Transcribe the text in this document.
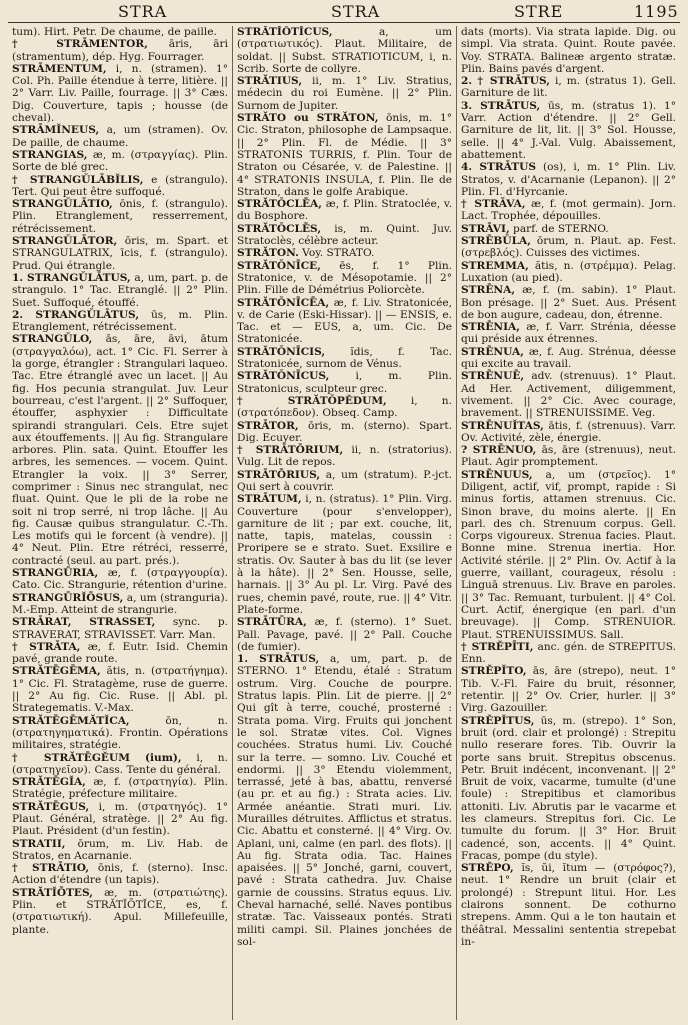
STRA	STRA	STRE	1195

tum). Hirt. Petr. De chaume, de paille.

† STRĀMENTOR, āris, āri (stramentum), dép. Hyg. Fourrager.

STRĀMENTUM, i, n. (stramen). 1° Col. Ph. Paille étendue à terre, litière. || 2° Varr. Liv. Paille, fourrage. || 3° Cæs. Dig. Couverture, tapis ; housse (de cheval).

STRĀMĬNEUS, a, um (stramen). Ov. De paille, de chaume.

STRANGIAS, æ, m. (στραγγίας). Plin. Sorte de blé grec.

† STRANGŬLĀBĬLIS, e (strangulo). Tert. Qui peut être suffoqué.

STRANGŬLĀTIO, ōnis, f. (strangulo). Plin. Etranglement, resserrement, rétrécissement.

STRANGŬLĀTOR, ōris, m. Spart. et STRANGULATRIX, īcis, f. (strangulo). Prud. Qui étrangle.

1. STRANGŬLĀTUS, a, um, part. p. de strangulo. 1° Tac. Etranglé. || 2° Plin. Suet. Suffoqué, étouffé.

2. STRANGŬLĀTUS, ūs, m. Plin. Etranglement, rétrécissement.

STRANGŬLO, ās, āre, āvi, ātum (στραγγαλόω), act. 1° Cic. Fl. Serrer à la gorge, étrangler : Strangulari laqueo. Tac. Etre étranglé avec un lacet. || Au fig. Hos pecunia strangulat. Juv. Leur bourreau, c'est l'argent. || 2° Suffoquer, étouffer, asphyxier : Difficultate spirandi strangulari. Cels. Etre sujet aux étouffements. || Au fig. Strangulare arbores. Plin. sata. Quint. Etouffer les arbres, les semences. — vocem. Quint. Etrangler la voix. || 3° Serrer, comprimer : Sinus nec strangulat, nec fluat. Quint. Que le pli de la robe ne soit ni trop serré, ni trop lâche. || Au fig. Causæ quibus strangulatur. C.-Th. Les motifs qui le forcent (à vendre). || 4° Neut. Plin. Etre rétréci, resserré, contracté (seul. au part. prés.).

STRANGŪRIA, æ, f. (στραγγουρία). Cato. Cic. Strangurie, rétention d'urine.

STRANGŪRĬŌSUS, a, um (stranguria). M.-Emp. Atteint de strangurie.

STRĀRAT, STRASSET, sync. p. STRAVERAT, STRAVISSET. Varr. Man.

† STRĀTA, æ, f. Eutr. Isid. Chemin pavé, grande route.

STRĂTĒGĒMA, ătis, n. (στρατήγημα). 1° Cic. Fl. Stratagème, ruse de guerre. || 2° Au fig. Cic. Ruse. || Abl. pl. Strategematis. V.-Max.

STRĂTĒGĒMĂTĬCA,	ōn, n. (στρατηγηματικά). Frontin. Opérations militaires, stratégie.

† STRĂTĒGĔUM (ium), i, n. (στρατηγεῖον). Cass. Tente du général.

STRĂTĒGĬA, æ, f. (στρατηγία). Plin. Stratégie, préfecture militaire.

STRĂTĒGUS, i, m. (στρατηγός). 1° Plaut. Général, stratège. || 2° Au fig. Plaut. Président (d'un festin).

STRATII, ōrum, m. Liv. Hab. de Stratos, en Acarnanie.

† STRĀTIO, ōnis, f. (sterno). Insc. Action d'étendre (un tapis).

STRĂTĬŌTES, æ, m. (στρατιώτης). Plin. et STRĂTĬŌTĬCE, es, f. (στρατιωτική). Apul. Millefeuille, plante.

STRĂTĬŌTĬCUS,	a, um (στρατιωτικός). Plaut. Militaire, de soldat. || Subst. STRATIOTICUM, i, n. Scrib. Sorte de collyre.

STRĂTIUS, ii, m. 1° Liv. Stratius, médecin du roi Eumène. || 2° Plin. Surnom de Jupiter.

STRĂTO ou STRĂTON, ōnis, m. 1° Cic. Straton, philosophe de Lampsaque. || 2° Plin. Fl. de Médie. || 3° STRATONIS TURRIS, f. Plin. Tour de Straton ou Césarée, v. de Palestine. || 4° STRATONIS INSULA, f. Plin. Ile de Straton, dans le golfe Arabique.

STRĂTŎCLĒA, æ, f. Plin. Stratoclée, v. du Bosphore.

STRĂTŎCLĒS, is, m. Quint. Juv. Stratoclès, célèbre acteur.

STRĂTON. Voy. STRATO.

STRĂTŎNĪCE, ēs, f. 1° Plin. Stratonice, v. de Mésopotamie. || 2° Plin. Fille de Démétrius Poliorcète.

STRĂTŎNĪCĒA, æ, f. Liv. Stratonicée, v. de Carie (Eski-Hissar). || — ENSIS, e. Tac. et — EUS, a, um. Cic. De Stratonicée.

STRĂTŎNĪCIS, ĭdis, f. Tac. Stratonicée, surnom de Vénus.

STRĂTŎNĪCUS, i, m. Plin. Stratonicus, sculpteur grec.

† STRĂTŎPĔDUM, i, n. (στρατόπεδον). Obseq. Camp.

STRĀTOR, ōris, m. (sterno). Spart. Dig. Ecuyer.

† STRĀTŌRIUM, ii, n. (stratorius). Vulg. Lit de repos.

STRĀTŌRIUS, a, um (stratum). P.-jct. Qui sert à couvrir.

STRĀTUM, i, n. (stratus). 1° Plin. Virg. Couverture (pour s'envelopper), garniture de lit ; par ext. couche, lit, natte, tapis, matelas, coussin : Proripere se e strato. Suet. Exsilire e stratis. Ov. Sauter à bas du lit (se lever à la hâte). || 2° Sen. Housse, selle, harnais. || 3° Au pl. Lr. Virg. Pavé des rues, chemin pavé, route, rue. || 4° Vitr. Plate-forme.

STRĀTŪRA, æ, f. (sterno). 1° Suet. Pall. Pavage, pavé. || 2° Pall. Couche (de fumier).

1. STRĀTUS, a, um, part. p. de STERNO. 1° Etendu, étalé : Stratum ostrum. Virg. Couche de pourpre. Stratus lapis. Plin. Lit de pierre. || 2° Qui gît à terre, couché, prosterné : Strata poma. Virg. Fruits qui jonchent le sol. Stratæ vites. Col. Vignes couchées. Stratus humi. Liv. Couché sur la terre. — somno. Liv. Couché et endormi. || 3° Etendu violemment, terrassé, jeté à bas, abattu, renversé (au pr. et au fig.) : Strata acies. Liv. Armée anéantie. Strati muri. Liv. Murailles détruites. Afflictus et stratus. Cic. Abattu et consterné. || 4° Virg. Ov. Aplani, uni, calme (en parl. des flots). || Au fig. Strata odia. Tac. Haines apaisées. || 5° Jonché, garni, couvert, pavé : Strata cathedra. Juv. Chaise garnie de coussins. Stratus equus. Liv. Cheval harnaché, sellé. Naves pontibus stratæ. Tac. Vaisseaux pontés. Strati militi campi. Sil. Plaines jonchées de sol-

dats (morts). Via strata lapide. Dig. ou simpl. Via strata. Quint. Route pavée. Voy. STRATA. Balineæ argento stratæ. Plin. Bains pavés d'argent.

2. † STRĀTUS, i, m. (stratus 1). Gell. Garniture de lit.

3. STRĀTUS, ūs, m. (stratus 1). 1° Varr. Action d'étendre. || 2° Gell. Garniture de lit, lit. || 3° Sol. Housse, selle. || 4° J.-Val. Vulg. Abaissement, abattement.

4. STRĀTUS (os), i, m. 1° Plin. Liv. Stratos, v. d'Acarnanie (Lepanon). || 2° Plin. Fl. d'Hyrcanie.

† STRĀVA, æ, f. (mot germain). Jorn. Lact. Trophée, dépouilles.

STRĀVI, parf. de STERNO.

STRĒBŬLA, ōrum, n. Plaut. ap. Fest. (στρεβλός). Cuisses des victimes.

STREMMA, ătis, n. (στρέμμα). Pelag. Luxation (au pied).

STRĒNA, æ, f. (m. sabin). 1° Plaut. Bon présage. || 2° Suet. Aus. Présent de bon augure, cadeau, don, étrenne.

STRĒNIA, æ, f. Varr. Strénia, déesse qui préside aux étrennes.

STRĒNUA, æ, f. Aug. Strénua, déesse qui excite au travail.

STRĒNUĒ, adv. (strenuus). 1° Plaut. Ad Her. Activement, diligemment, vivement. || 2° Cic. Avec courage, bravement. || STRENUISSIME. Veg.

STRĒNUĬTAS, ātis, f. (strenuus). Varr. Ov. Activité, zèle, énergie.

? STRĒNUO, ās, āre (strenuus), neut. Plaut. Agir promptement.

STRĒNUUS, a, um (στρεῖος). 1° Diligent, actif, vif, prompt, rapide : Si minus fortis, attamen strenuus. Cic. Sinon brave, du moins alerte. || En parl. des ch. Strenuum corpus. Gell. Corps vigoureux. Strenua facies. Plaut. Bonne mine. Strenua inertia. Hor. Activité stérile. || 2° Plin. Ov. Actif à la guerre, vaillant, courageux, résolu : Linguā strenuus. Liv. Brave en paroles. || 3° Tac. Remuant, turbulent. || 4° Col. Curt. Actif, énergique (en parl. d'un breuvage). || Comp. STRENUIOR. Plaut. STRENUISSIMUS. Sall.

† STRĔPĪTI, anc. gén. de STREPITUS. Enn.

STRĔPĬTO, ās, āre (strepo), neut. 1° Tib. V.-Fl. Faire du bruit, résonner, retentir. || 2° Ov. Crier, hurler. || 3° Virg. Gazouiller.

STRĔPĬTUS, ūs, m. (strepo). 1° Son, bruit (ord. clair et prolongé) : Strepitu nullo reserare fores. Tib. Ouvrir la porte sans bruit. Strepitus obscenus. Petr. Bruit indécent, inconvenant. || 2° Bruit de voix, vacarme, tumulte (d'une foule) : Strepitibus et clamoribus attoniti. Liv. Abrutis par le vacarme et les clameurs. Strepitus fori. Cic. Le tumulte du forum. || 3° Hor. Bruit cadencé, son, accents. || 4° Quint. Fracas, pompe (du style).

STRĔPO, ĭs, ŭi, ĭtum — (στρόφος?), neut. 1° Rendre un bruit (clair et prolongé) : Strepunt litui. Hor. Les clairons sonnent. De cothurno strepens. Amm. Qui a le ton hautain et théâtral. Messalini sententia strepebat in-
